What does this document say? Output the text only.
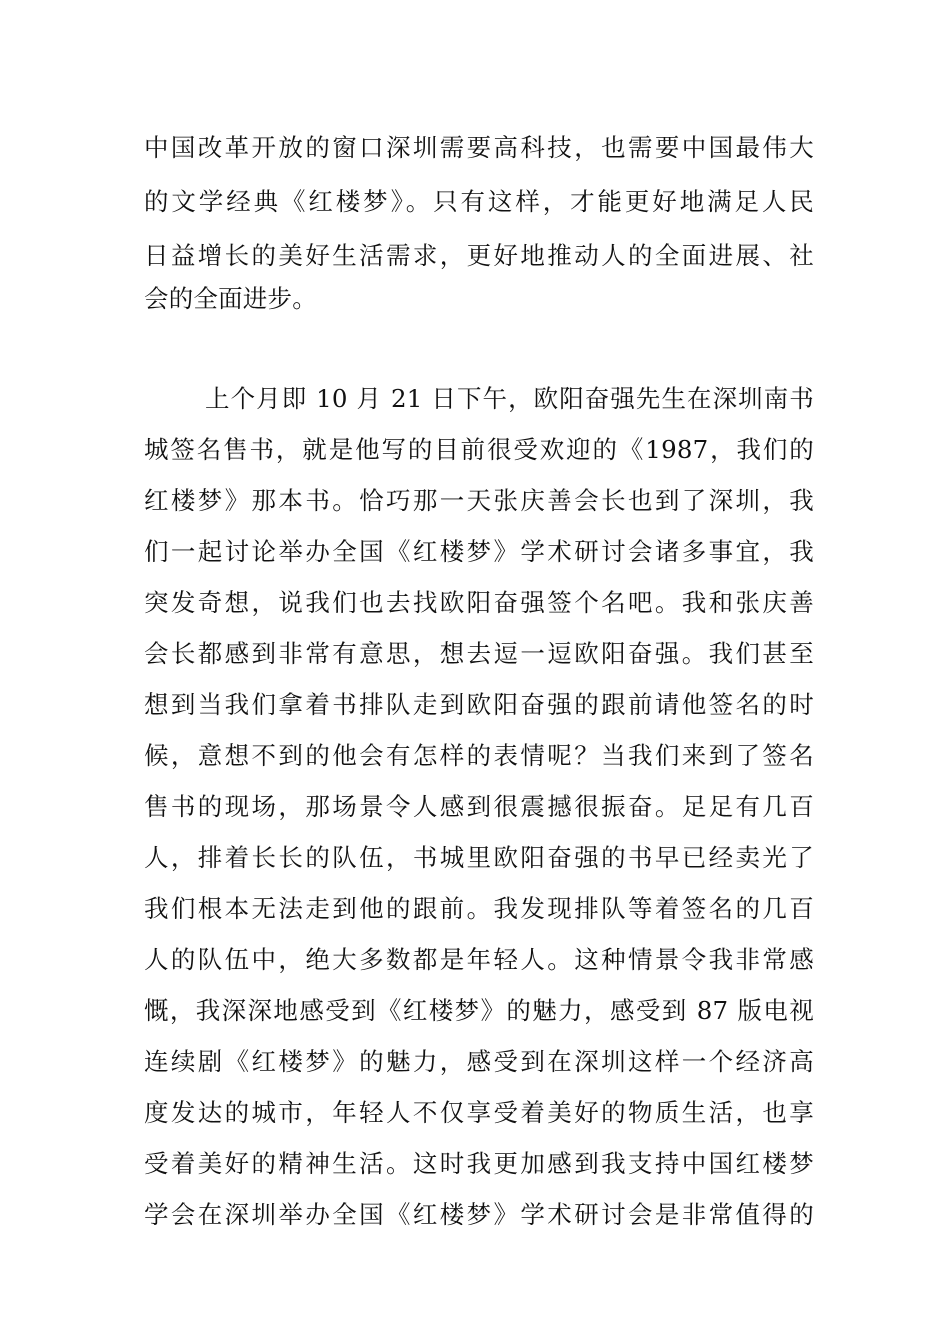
中国改革开放的窗口深圳需要高科技，也需要中国最伟大
的文学经典《红楼梦》。只有这样，才能更好地满足人民
日益增长的美好生活需求，更好地推动人的全面进展、社
会的全面进步。
上个月即 10 月 21 日下午，欧阳奋强先生在深圳南书
城签名售书，就是他写的目前很受欢迎的《1987，我们的
红楼梦》那本书。恰巧那一天张庆善会长也到了深圳，我
们一起讨论举办全国《红楼梦》学术研讨会诸多事宜，我
突发奇想，说我们也去找欧阳奋强签个名吧。我和张庆善
会长都感到非常有意思，想去逗一逗欧阳奋强。我们甚至
想到当我们拿着书排队走到欧阳奋强的跟前请他签名的时
候，意想不到的他会有怎样的表情呢？当我们来到了签名
售书的现场，那场景令人感到很震撼很振奋。足足有几百
人，排着长长的队伍，书城里欧阳奋强的书早已经卖光了
我们根本无法走到他的跟前。我发现排队等着签名的几百
人的队伍中，绝大多数都是年轻人。这种情景令我非常感
慨，我深深地感受到《红楼梦》的魅力，感受到 87 版电视
连续剧《红楼梦》的魅力，感受到在深圳这样一个经济高
度发达的城市，年轻人不仅享受着美好的物质生活，也享
受着美好的精神生活。这时我更加感到我支持中国红楼梦
学会在深圳举办全国《红楼梦》学术研讨会是非常值得的
